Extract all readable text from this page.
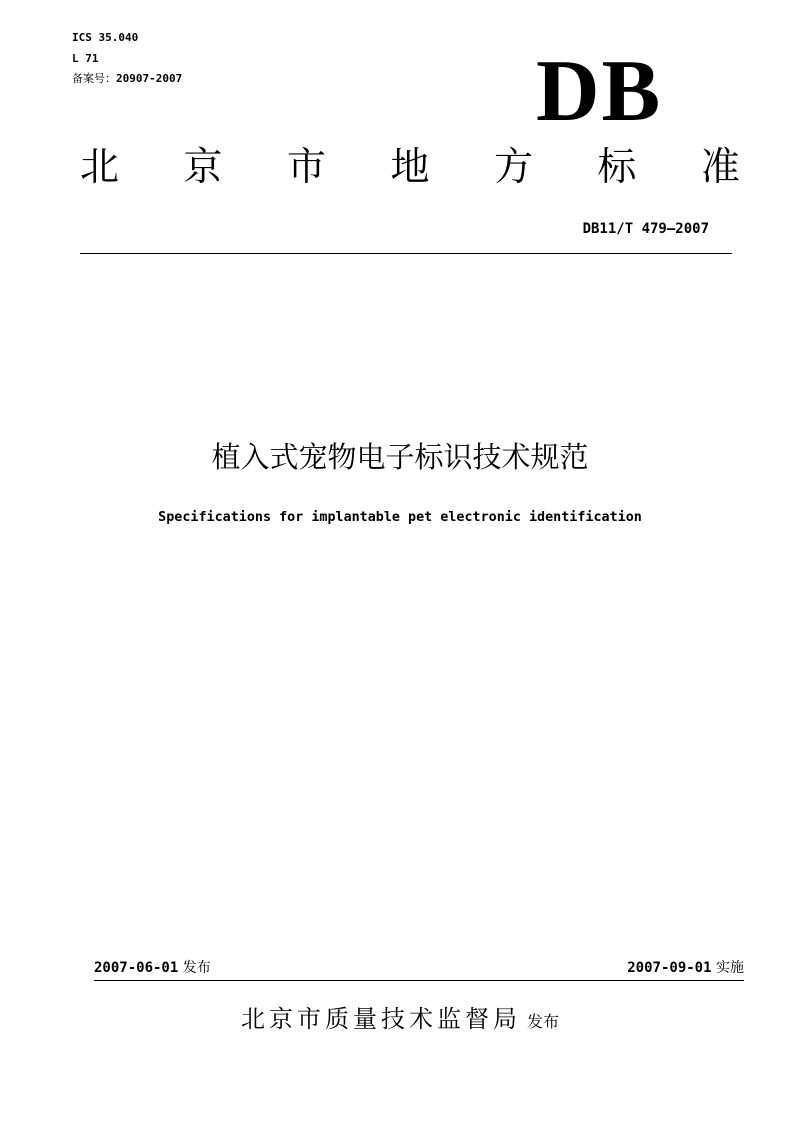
ICS 35.040
L 71
备案号：20907-2007	DB
北 京 市 地 方 标 准
DB11/T 479—2007
植入式宠物电子标识技术规范
Specifications for implantable pet electronic identification
2007-06-01 发布	2007-09-01 实施
北京市质量技术监督局 发布
